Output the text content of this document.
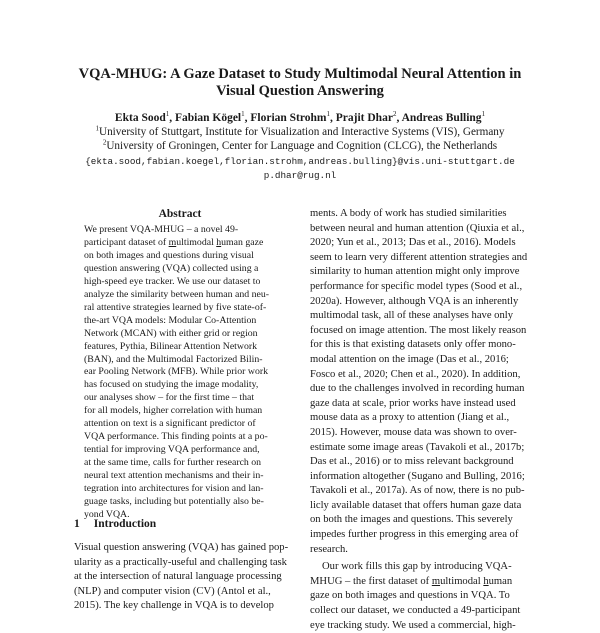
VQA-MHUG: A Gaze Dataset to Study Multimodal Neural Attention in
Visual Question Answering
Ekta Sood$^1$, Fabian Kögel$^1$, Florian Strohm$^1$, Prajit Dhar$^2$, Andreas Bulling$^1$
$^1$University of Stuttgart, Institute for Visualization and Interactive Systems (VIS), Germany
$^2$University of Groningen, Center for Language and Cognition (CLCG), the Netherlands
{ekta.sood,fabian.koegel,florian.strohm,andreas.bulling}@vis.uni-stuttgart.de
p.dhar@rug.nl
Abstract
We present VQA-MHUG – a novel 49-
participant dataset of multimodal human gaze
on both images and questions during visual
question answering (VQA) collected using a
high-speed eye tracker. We use our dataset to
analyze the similarity between human and neu-
ral attentive strategies learned by five state-of-
the-art VQA models: Modular Co-Attention
Network (MCAN) with either grid or region
features, Pythia, Bilinear Attention Network
(BAN), and the Multimodal Factorized Bilin-
ear Pooling Network (MFB). While prior work
has focused on studying the image modality,
our analyses show – for the first time – that
for all models, higher correlation with human
attention on text is a significant predictor of
VQA performance. This finding points at a po-
tential for improving VQA performance and,
at the same time, calls for further research on
neural text attention mechanisms and their in-
tegration into architectures for vision and lan-
guage tasks, including but potentially also be-
yond VQA.
1 Introduction
Visual question answering (VQA) has gained pop-
ularity as a practically-useful and challenging task
at the intersection of natural language processing
(NLP) and computer vision (CV) (Antol et al.,
2015). The key challenge in VQA is to develop
ments. A body of work has studied similarities
between neural and human attention (Qiuxia et al.,
2020; Yun et al., 2013; Das et al., 2016). Models
seem to learn very different attention strategies and
similarity to human attention might only improve
performance for specific model types (Sood et al.,
2020a). However, although VQA is an inherently
multimodal task, all of these analyses have only
focused on image attention. The most likely reason
for this is that existing datasets only offer mono-
modal attention on the image (Das et al., 2016;
Fosco et al., 2020; Chen et al., 2020). In addition,
due to the challenges involved in recording human
gaze data at scale, prior works have instead used
mouse data as a proxy to attention (Jiang et al.,
2015). However, mouse data was shown to over-
estimate some image areas (Tavakoli et al., 2017b;
Das et al., 2016) or to miss relevant background
information altogether (Sugano and Bulling, 2016;
Tavakoli et al., 2017a). As of now, there is no pub-
licly available dataset that offers human gaze data
on both the images and questions. This severely
impedes further progress in this emerging area of
research.
Our work fills this gap by introducing VQA-
MHUG – the first dataset of multimodal human
gaze on both images and questions in VQA. To
collect our dataset, we conducted a 49-participant
eye tracking study. We used a commercial, high-
